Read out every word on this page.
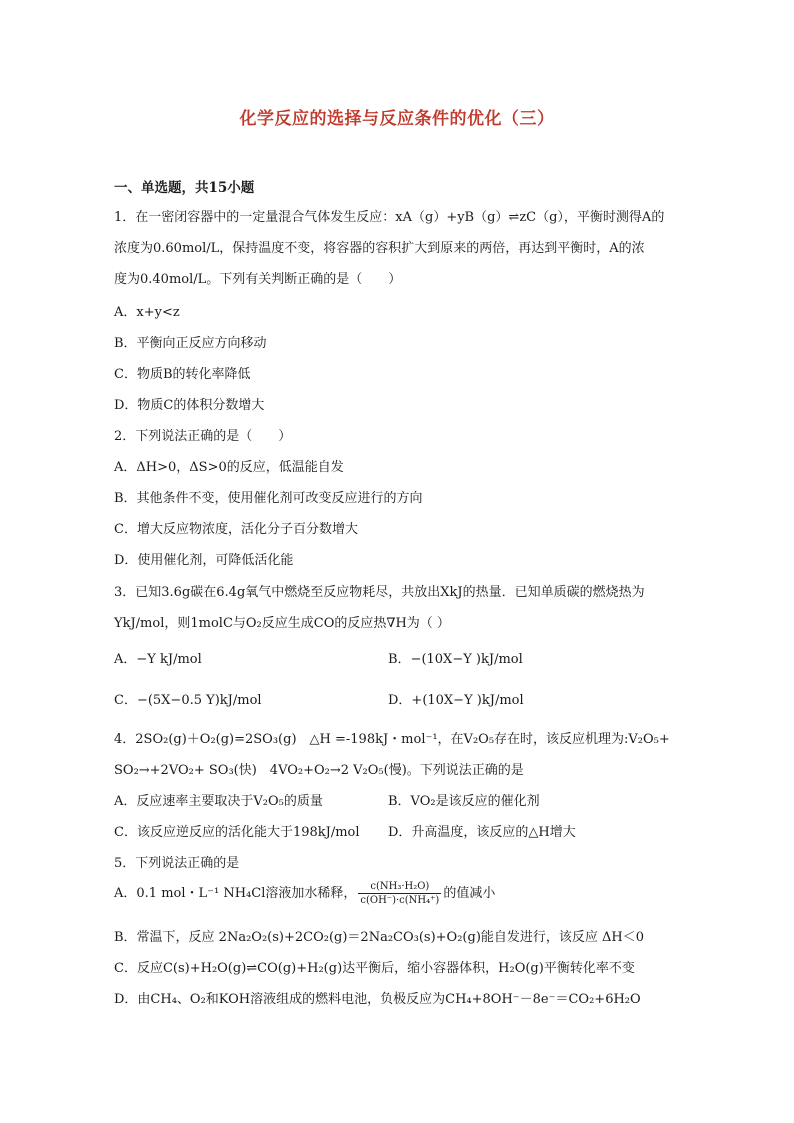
化学反应的选择与反应条件的优化（三）
一、单选题，共15小题
1．在一密闭容器中的一定量混合气体发生反应：xA（g）+yB（g）⇌zC（g），平衡时测得A的
浓度为0.60mol/L，保持温度不变，将容器的容积扩大到原来的两倍，再达到平衡时，A的浓
度为0.40mol/L。下列有关判断正确的是（　　）
A．x+y<z
B．平衡向正反应方向移动
C．物质B的转化率降低
D．物质C的体积分数增大
2．下列说法正确的是（　　）
A．ΔH>0，ΔS>0的反应，低温能自发
B．其他条件不变，使用催化剂可改变反应进行的方向
C．增大反应物浓度，活化分子百分数增大
D．使用催化剂，可降低活化能
3．已知3.6g碳在6.4g氧气中燃烧至反应物耗尽，共放出XkJ的热量．已知单质碳的燃烧热为
YkJ/mol，则1molC与O₂反应生成CO的反应热∇H为（ ）
A．−Y kJ/mol	B．−(10X−Y )kJ/mol
C．−(5X−0.5 Y)kJ/mol	D．+(10X−Y )kJ/mol
4．2SO₂(g)＋O₂(g)=2SO₃(g)　△H =-198kJ・mol⁻¹，在V₂O₅存在时，该反应机理为:V₂O₅+
SO₂→+2VO₂+ SO₃(快)　4VO₂+O₂→2 V₂O₅(慢)。下列说法正确的是
A．反应速率主要取决于V₂O₅的质量	B．VO₂是该反应的催化剂
C．该反应逆反应的活化能大于198kJ/mol D．升高温度，该反应的△H增大
5．下列说法正确的是
A．0.1 mol・L⁻¹ NH₄Cl溶液加水稀释， $\frac{\text{c(NH₃·H₂O)}}{\text{c(OH⁻)·c(NH₄⁺)}}$ 的值减小
B．常温下，反应 2Na₂O₂(s)+2CO₂(g)＝2Na₂CO₃(s)+O₂(g)能自发进行，该反应 ΔH＜0
C．反应C(s)+H₂O(g)⇌CO(g)+H₂(g)达平衡后，缩小容器体积，H₂O(g)平衡转化率不变
D．由CH₄、O₂和KOH溶液组成的燃料电池，负极反应为CH₄+8OH⁻－8e⁻＝CO₂+6H₂O
